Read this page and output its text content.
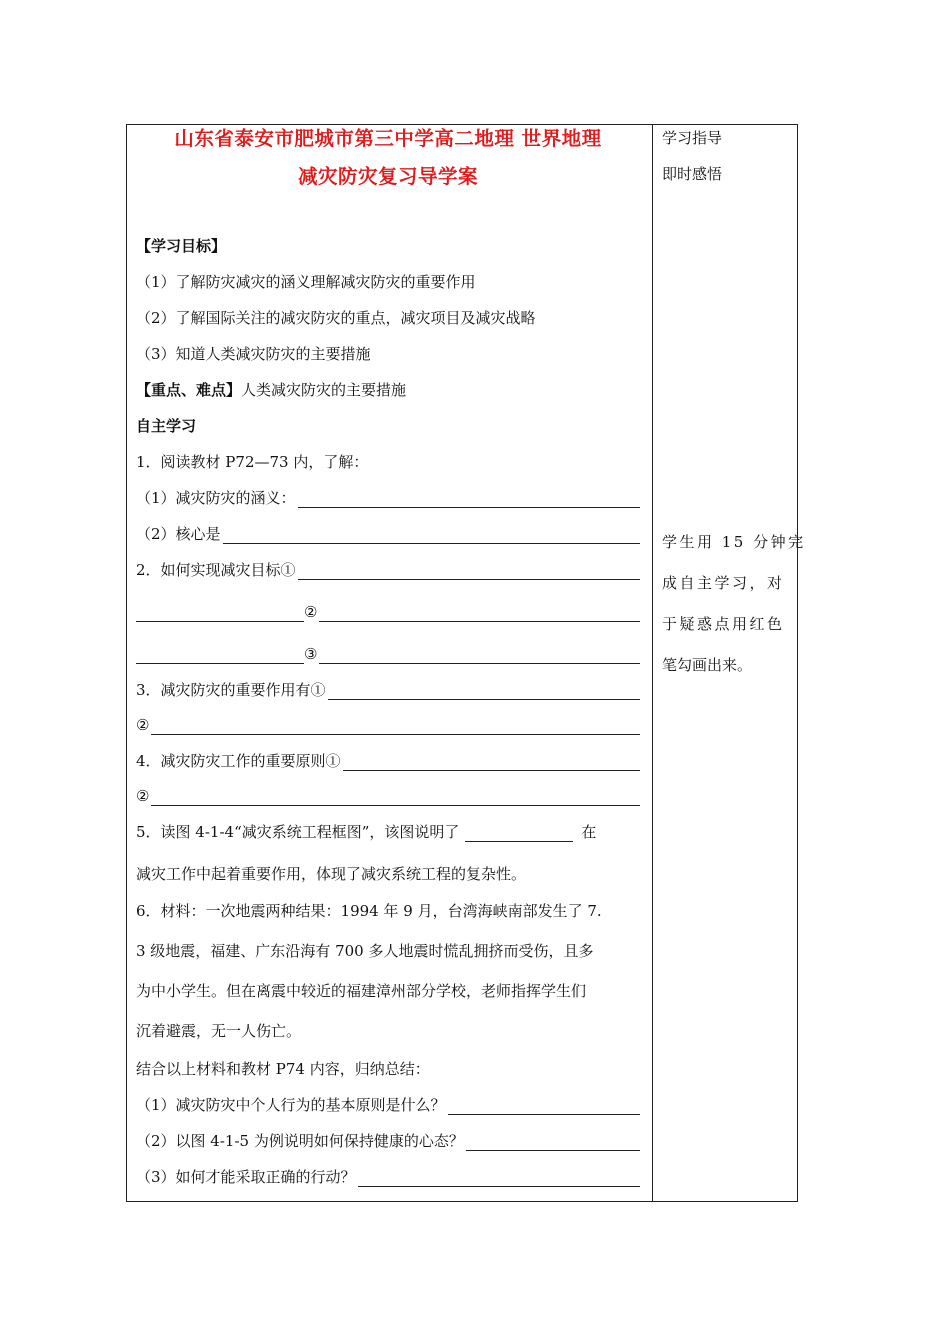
山东省泰安市肥城市第三中学高二地理 世界地理
减灾防灾复习导学案
【学习目标】
（1）了解防灾减灾的涵义理解减灾防灾的重要作用
（2）了解国际关注的减灾防灾的重点，减灾项目及减灾战略
（3）知道人类减灾防灾的主要措施
【重点、难点】 人类减灾防灾的主要措施
自主学习
1．阅读教材 P72—73 内，了解：
（1）减灾防灾的涵义：
（2）核心是
2．如何实现减灾目标①
②
③
3．减灾防灾的重要作用有①
②
4．减灾防灾工作的重要原则①
②
5．读图 4-1-4“减灾系统工程框图”，该图说明了	在
减灾工作中起着重要作用，体现了减灾系统工程的复杂性。
6．材料：一次地震两种结果：1994 年 9 月，台湾海峡南部发生了 7.
3 级地震，福建、广东沿海有 700 多人地震时慌乱拥挤而受伤，且多
为中小学生。但在离震中较近的福建漳州部分学校，老师指挥学生们
沉着避震，无一人伤亡。
结合以上材料和教材 P74 内容，归纳总结：
（1）减灾防灾中个人行为的基本原则是什么？
（2）以图 4-1-5 为例说明如何保持健康的心态？
（3）如何才能采取正确的行动？
学习指导
即时感悟
学生用 15 分钟完
成自主学习，对
于疑惑点用红色
笔勾画出来。
